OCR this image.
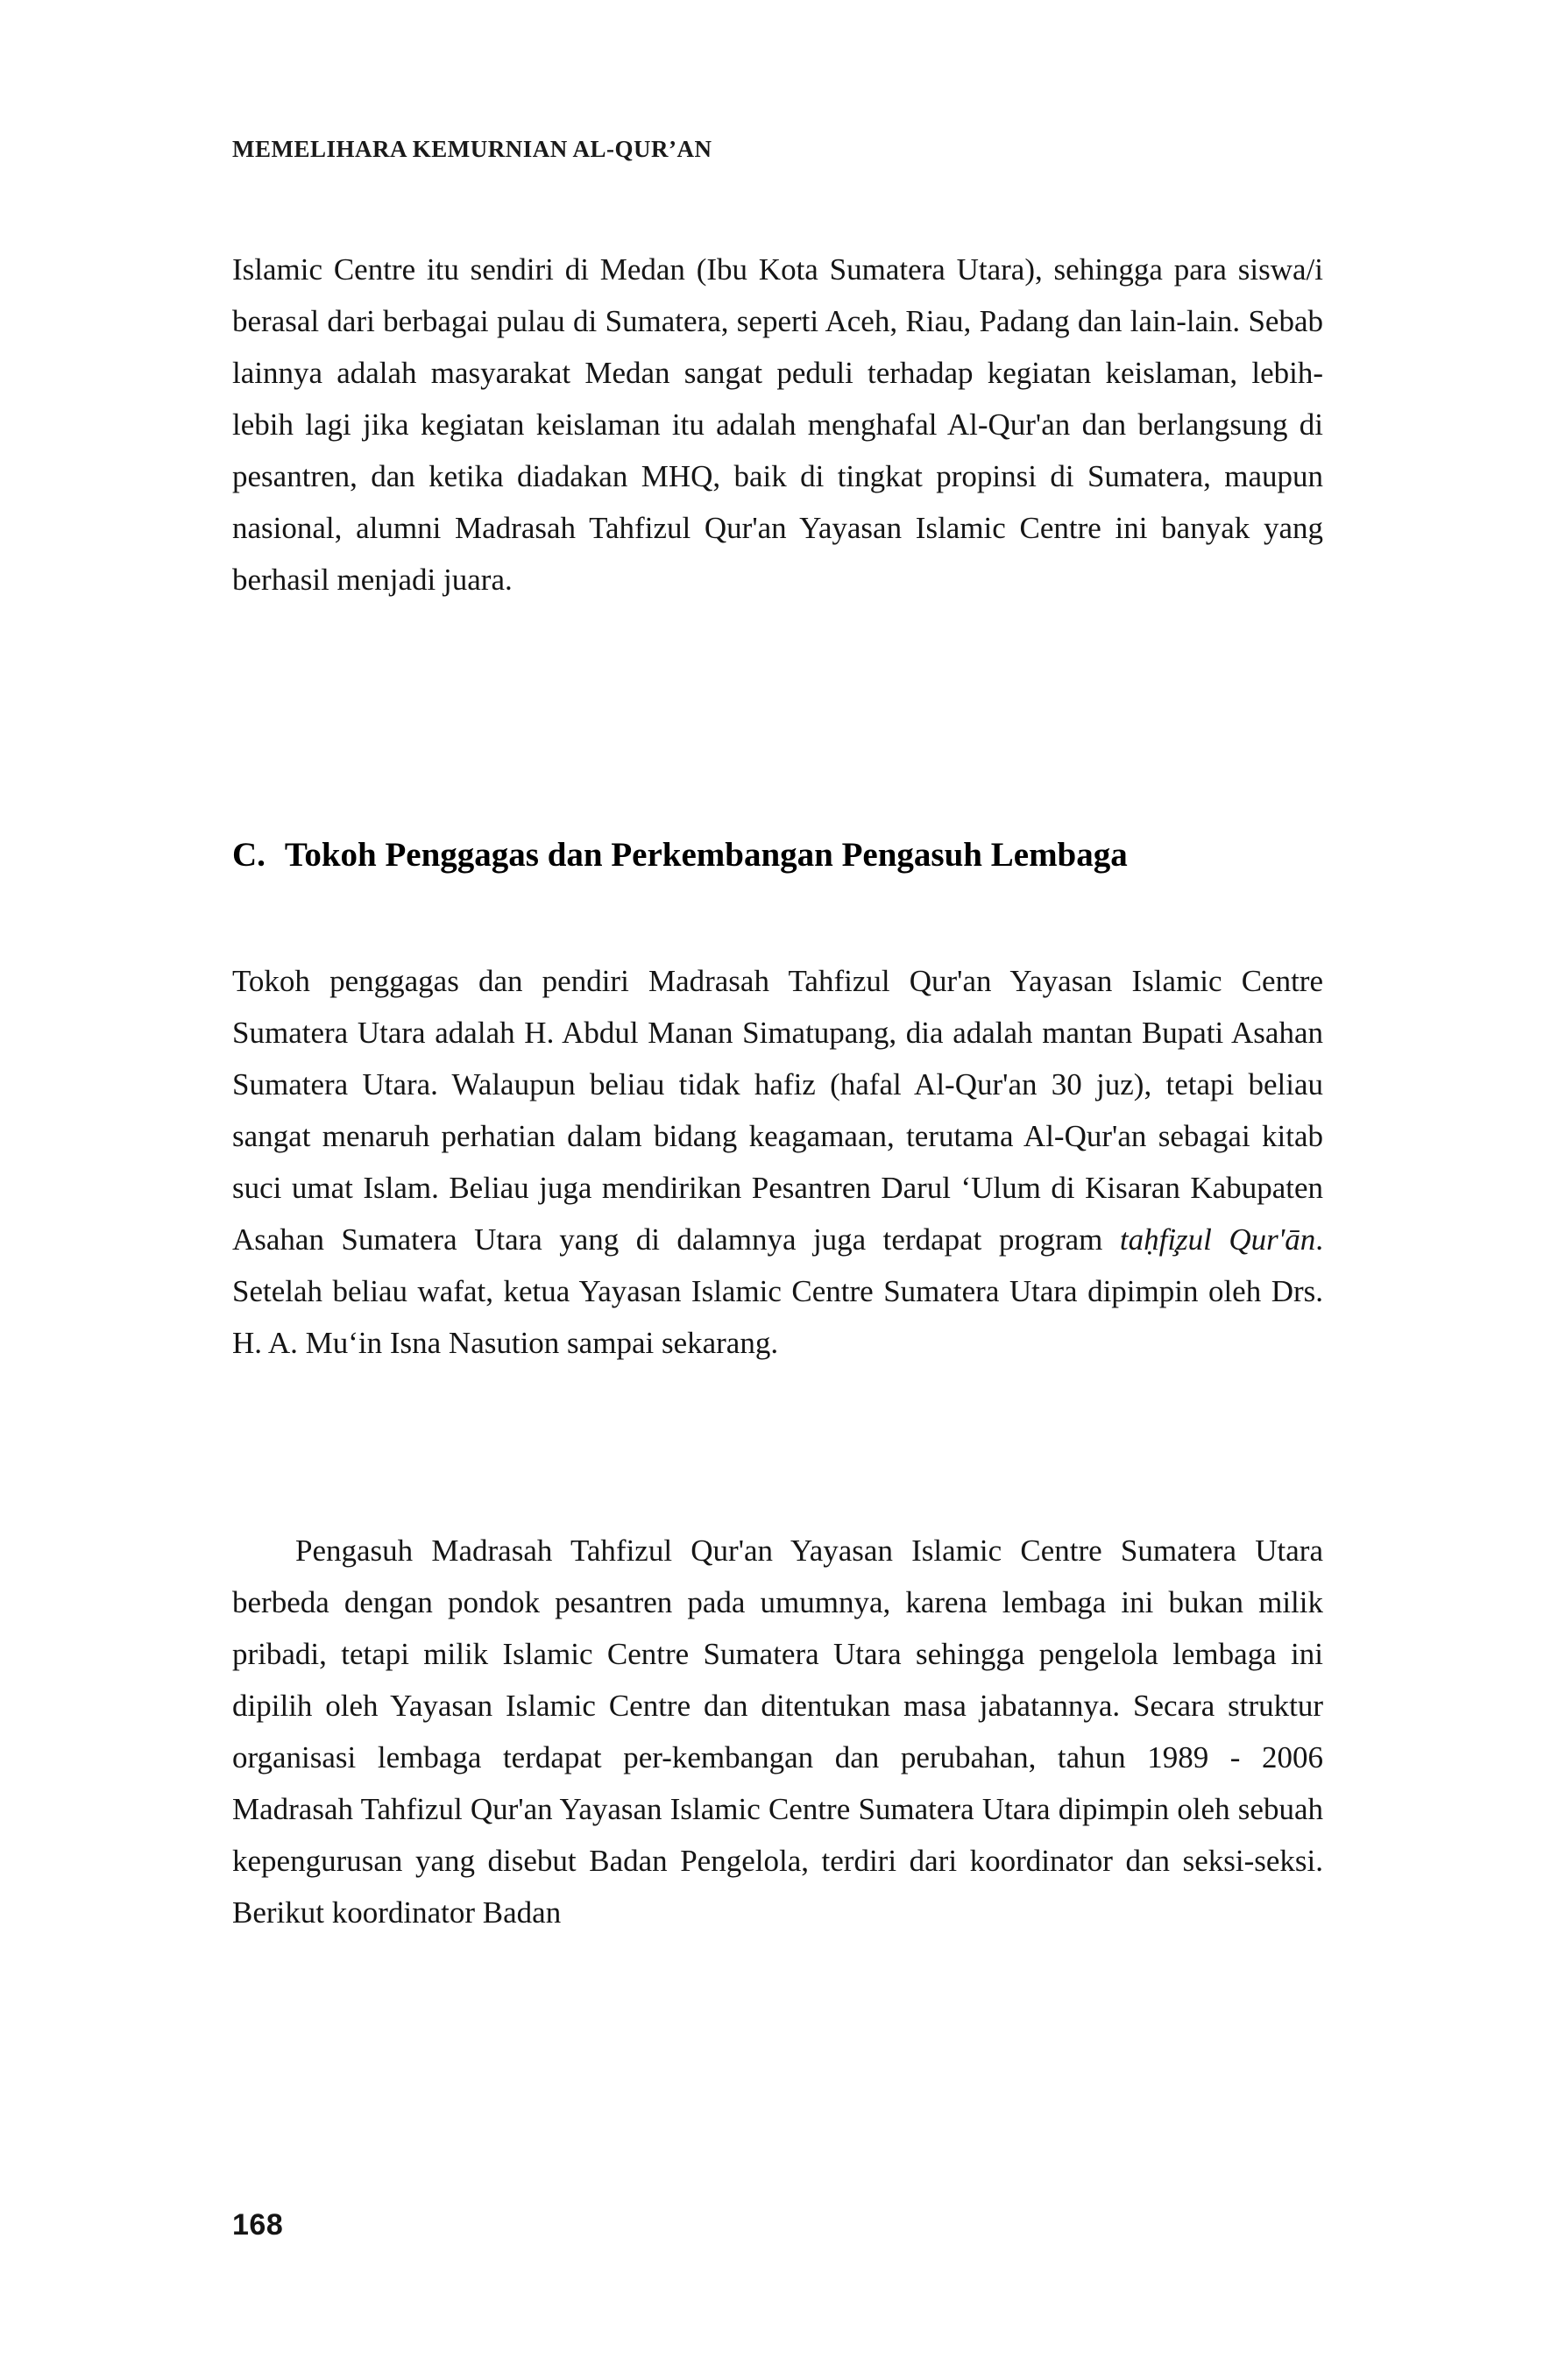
MEMELIHARA KEMURNIAN AL-QUR’AN
Islamic Centre itu sendiri di Medan (Ibu Kota Sumatera Utara), sehingga para siswa/i berasal dari berbagai pulau di Sumatera, seperti Aceh, Riau, Padang dan lain-lain. Sebab lainnya adalah masyarakat Medan sangat peduli terhadap kegiatan keislaman, lebih-lebih lagi jika kegiatan keislaman itu adalah menghafal Al-Qur'an dan berlangsung di pesantren, dan ketika diadakan MHQ, baik di tingkat propinsi di Sumatera, maupun nasional, alumni Madrasah Tahfizul Qur'an Yayasan Islamic Centre ini banyak yang berhasil menjadi juara.
C. Tokoh Penggagas dan Perkembangan Pengasuh Lembaga
Tokoh penggagas dan pendiri Madrasah Tahfizul Qur'an Yayasan Islamic Centre Sumatera Utara adalah H. Abdul Manan Simatupang, dia adalah mantan Bupati Asahan Sumatera Utara. Walaupun beliau tidak hafiz (hafal Al-Qur'an 30 juz), tetapi beliau sangat menaruh perhatian dalam bidang keagamaan, terutama Al-Qur'an sebagai kitab suci umat Islam. Beliau juga mendirikan Pesantren Darul ‘Ulum di Kisaran Kabupaten Asahan Sumatera Utara yang di dalamnya juga terdapat program taḥfi̧zul Qur'ān. Setelah beliau wafat, ketua Yayasan Islamic Centre Sumatera Utara dipimpin oleh Drs. H. A. Mu‘in Isna Nasution sampai sekarang.
Pengasuh Madrasah Tahfizul Qur'an Yayasan Islamic Centre Sumatera Utara berbeda dengan pondok pesantren pada umumnya, karena lembaga ini bukan milik pribadi, tetapi milik Islamic Centre Sumatera Utara sehingga pengelola lembaga ini dipilih oleh Yayasan Islamic Centre dan ditentukan masa jabatannya. Secara struktur organisasi lembaga terdapat per-kembangan dan perubahan, tahun 1989 - 2006 Madrasah Tahfizul Qur'an Yayasan Islamic Centre Sumatera Utara dipimpin oleh sebuah kepengurusan yang disebut Badan Pengelola, terdiri dari koordinator dan seksi-seksi. Berikut koordinator Badan
168
